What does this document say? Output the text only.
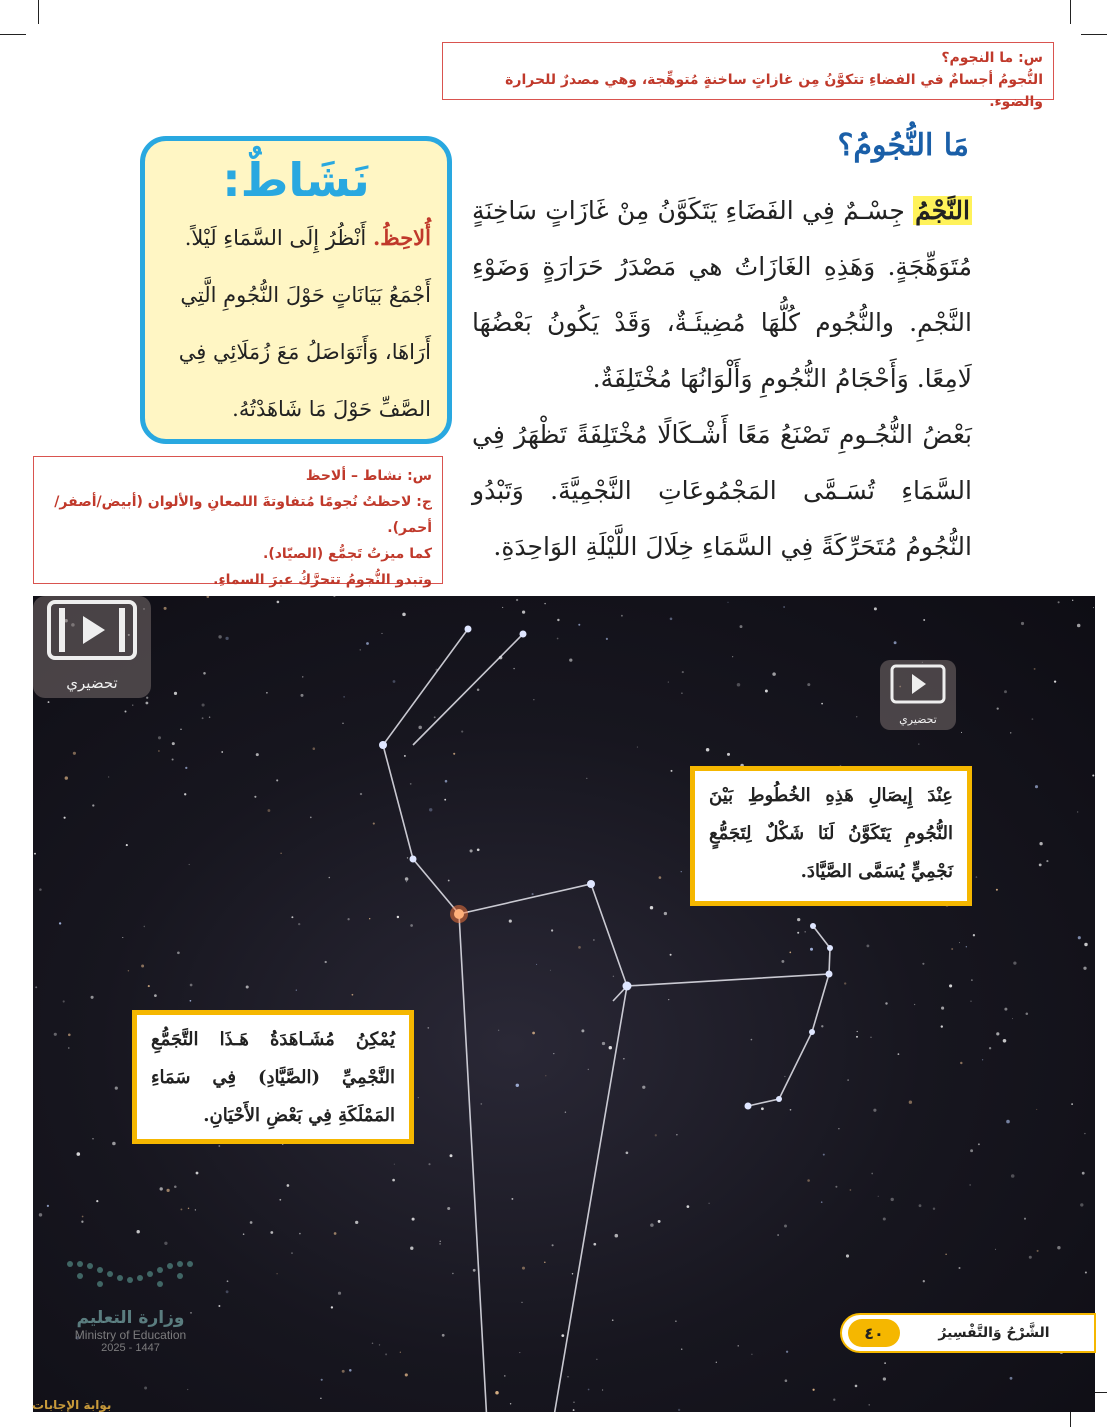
س: ما النجوم؟
النُّجومُ أجسامٌ في الفضاءِ تتكوَّنُ مِن غازاتٍ ساخنةٍ مُتوهِّجة، وهي مصدرٌ للحرارة والضوء.
مَا النُّجُومُ؟

النَّجْمُ جِسْـمٌ فِي الفَضَاءِ يَتَكَوَّنُ مِنْ غَازَاتٍ سَاخِنَةٍ مُتَوَهِّجَةٍ. وَهَذِهِ الغَازَاتُ هي مَصْدَرُ حَرَارَةٍ وَضَوْءِ النَّجْمِ. والنُّجُوم كُلُّهَا مُضِيئَـةٌ، وَقَدْ يَكُونُ بَعْضُهَا لَامِعًا. وَأَحْجَامُ النُّجُومِ وَأَلْوَانُهَا مُخْتَلِفَةٌ.

بَعْضُ النُّجُـومِ تَصْنَعُ مَعًا أَشْـكَالًا مُخْتَلِفَةً تَظْهَرُ فِي السَّمَاءِ تُسَـمَّى المَجْمُوعَاتِ النَّجْمِيَّةَ. وَتَبْدُو النُّجُومُ مُتَحَرِّكَةً فِي السَّمَاءِ خِلَالَ اللَّيْلَةِ الوَاحِدَةِ.

نَشَاطٌ:
أُلاحِظُ. أَنْظُرُ إِلَى السَّمَاءِ لَيْلاً. أَجْمَعُ بَيَانَاتٍ حَوْلَ النُّجُومِ الَّتِي أَرَاهَا، وَأَتَوَاصَلُ مَعَ زُمَلَائِي فِي الصَّفِّ حَوْلَ مَا شَاهَدْتُهُ.
س: نشاط – ألاحظ
ج: لاحظتُ نُجومًا مُتفاوتةَ اللمعانِ والألوان (أبيض/أصفر/أحمر).
كما ميزتُ تَجمُّع (الصيّاد).
وتبدو النُّجومُ تتحرَّكُ عبرَ السماءِ.
تحضيري
تحضيري
عِنْدَ إِيصَالِ هَذِهِ الخُطُوطِ بَيْنَ النُّجُومِ يَتَكَوَّنُ لَنَا شَكْلٌ لِتَجَمُّعٍ نَجْمِيٍّ يُسَمَّى الصَّيَّادَ.
يُمْكِنُ مُشَـاهَدَةُ هَـذَا التَّجَمُّعِ النَّجْمِيِّ (الصَّيَّادِ) فِي سَمَاءِ المَمْلَكَةِ فِي بَعْضِ الأَحْيَانِ.
وزارة التعليم
Ministry of Education
2025 - 1447
بوابة الإجابات
الشَّرْحُ وَالتَّفْسِيرُ
٤٠
